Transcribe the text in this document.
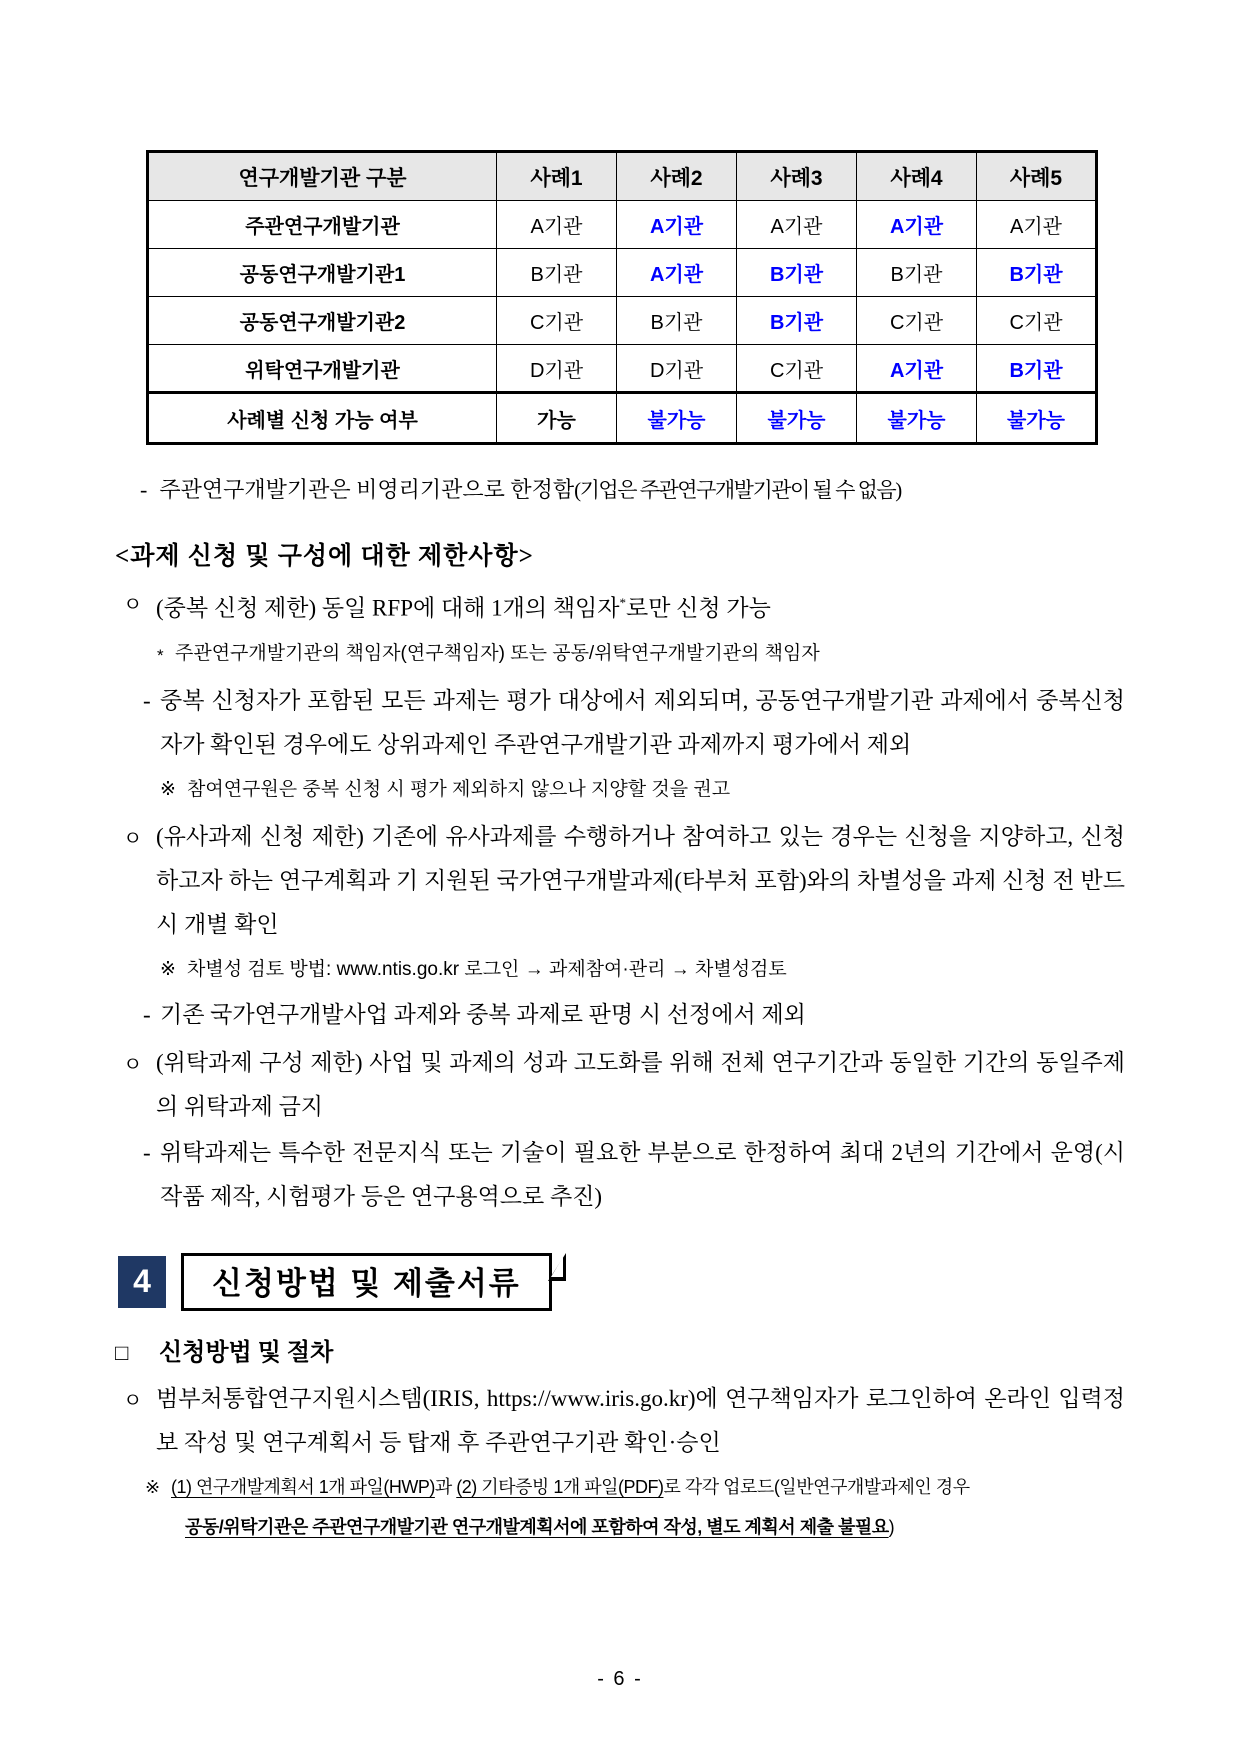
연구개발기관 구분	사례1	사례2	사례3	사례4	사례5
주관연구개발기관	A기관	A기관	A기관	A기관	A기관
공동연구개발기관1	B기관	A기관	B기관	B기관	B기관
공동연구개발기관2	C기관	B기관	B기관	C기관	C기관
위탁연구개발기관	D기관	D기관	C기관	A기관	B기관
사례별 신청 가능 여부	가능	불가능	불가능	불가능	불가능
- 주관연구개발기관은 비영리기관으로 한정함(기업은 주관연구개발기관이 될 수 없음)
<과제 신청 및 구성에 대한 제한사항>
ㅇ (중복 신청 제한) 동일 RFP에 대해 1개의 책임자*로만 신청 가능
* 주관연구개발기관의 책임자(연구책임자) 또는 공동/위탁연구개발기관의 책임자
- 중복 신청자가 포함된 모든 과제는 평가 대상에서 제외되며, 공동연구개발기관 과제에서 중복신청자가 확인된 경우에도 상위과제인 주관연구개발기관 과제까지 평가에서 제외
※ 참여연구원은 중복 신청 시 평가 제외하지 않으나 지양할 것을 권고
ㅇ (유사과제 신청 제한) 기존에 유사과제를 수행하거나 참여하고 있는 경우는 신청을 지양하고, 신청하고자 하는 연구계획과 기 지원된 국가연구개발과제(타부처 포함)와의 차별성을 과제 신청 전 반드시 개별 확인
※ 차별성 검토 방법: www.ntis.go.kr 로그인 → 과제참여·관리 → 차별성검토
- 기존 국가연구개발사업 과제와 중복 과제로 판명 시 선정에서 제외
ㅇ (위탁과제 구성 제한) 사업 및 과제의 성과 고도화를 위해 전체 연구기간과 동일한 기간의 동일주제의 위탁과제 금지
- 위탁과제는 특수한 전문지식 또는 기술이 필요한 부분으로 한정하여 최대 2년의 기간에서 운영(시작품 제작, 시험평가 등은 연구용역으로 추진)
4	신청방법 및 제출서류
□	신청방법 및 절차
ㅇ 범부처통합연구지원시스템(IRIS, https://www.iris.go.kr)에 연구책임자가 로그인하여 온라인 입력정보 작성 및 연구계획서 등 탑재 후 주관연구기관 확인·승인
※ (1) 연구개발계획서 1개 파일(HWP)과 (2) 기타증빙 1개 파일(PDF)로 각각 업로드(일반연구개발과제인 경우
공동/위탁기관은 주관연구개발기관 연구개발계획서에 포함하여 작성, 별도 계획서 제출 불필요)
- 6 -
